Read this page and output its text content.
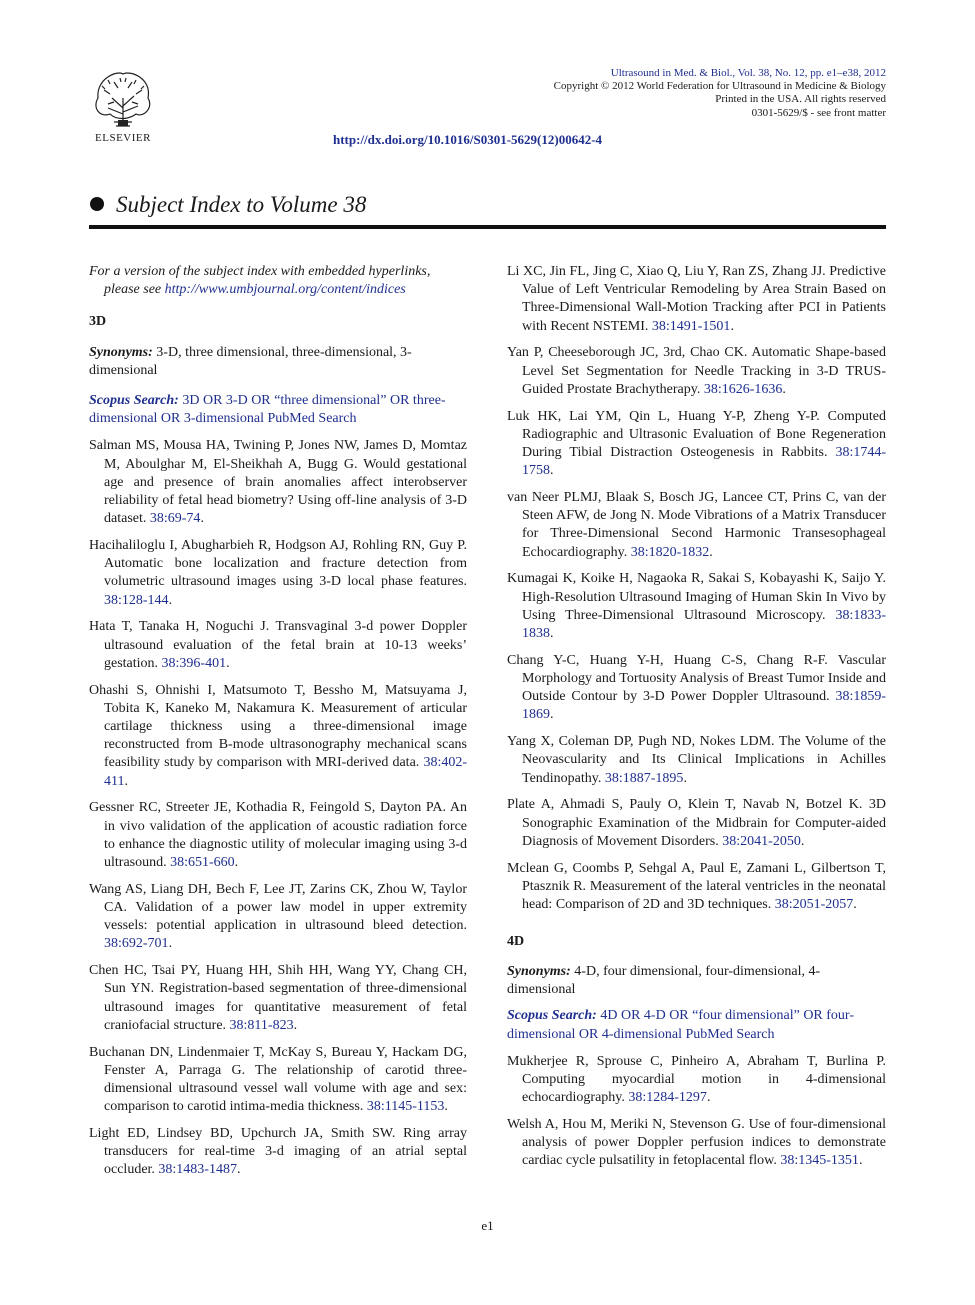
ELSEVIER
Ultrasound in Med. & Biol., Vol. 38, No. 12, pp. e1–e38, 2012
Copyright © 2012 World Federation for Ultrasound in Medicine & Biology
Printed in the USA. All rights reserved
0301-5629/$ - see front matter
http://dx.doi.org/10.1016/S0301-5629(12)00642-4
Subject Index to Volume 38

For a version of the subject index with embedded hyperlinks, please see http://www.umbjournal.org/content/indices

3D

Synonyms: 3-D, three dimensional, three-dimensional, 3-dimensional

Scopus Search: 3D OR 3-D OR “three dimensional” OR three-dimensional OR 3-dimensional PubMed Search

Salman MS, Mousa HA, Twining P, Jones NW, James D, Momtaz M, Aboulghar M, El-Sheikhah A, Bugg G. Would gestational age and presence of brain anomalies affect interobserver reliability of fetal head biometry? Using off-line analysis of 3-D dataset. 38:69-74.

Hacihaliloglu I, Abugharbieh R, Hodgson AJ, Rohling RN, Guy P. Automatic bone localization and fracture detection from volumetric ultrasound images using 3-D local phase features. 38:128-144.

Hata T, Tanaka H, Noguchi J. Transvaginal 3-d power Doppler ultrasound evaluation of the fetal brain at 10-13 weeks’ gestation. 38:396-401.

Ohashi S, Ohnishi I, Matsumoto T, Bessho M, Matsuyama J, Tobita K, Kaneko M, Nakamura K. Measurement of articular cartilage thickness using a three-dimensional image reconstructed from B-mode ultrasonography mechanical scans feasibility study by comparison with MRI-derived data. 38:402-411.

Gessner RC, Streeter JE, Kothadia R, Feingold S, Dayton PA. An in vivo validation of the application of acoustic radiation force to enhance the diagnostic utility of molecular imaging using 3-d ultrasound. 38:651-660.

Wang AS, Liang DH, Bech F, Lee JT, Zarins CK, Zhou W, Taylor CA. Validation of a power law model in upper extremity vessels: potential application in ultrasound bleed detection. 38:692-701.

Chen HC, Tsai PY, Huang HH, Shih HH, Wang YY, Chang CH, Sun YN. Registration-based segmentation of three-dimensional ultrasound images for quantitative measurement of fetal craniofacial structure. 38:811-823.

Buchanan DN, Lindenmaier T, McKay S, Bureau Y, Hackam DG, Fenster A, Parraga G. The relationship of carotid three-dimensional ultrasound vessel wall volume with age and sex: comparison to carotid intima-media thickness. 38:1145-1153.

Light ED, Lindsey BD, Upchurch JA, Smith SW. Ring array transducers for real-time 3-d imaging of an atrial septal occluder. 38:1483-1487.

Li XC, Jin FL, Jing C, Xiao Q, Liu Y, Ran ZS, Zhang JJ. Predictive Value of Left Ventricular Remodeling by Area Strain Based on Three-Dimensional Wall-Motion Tracking after PCI in Patients with Recent NSTEMI. 38:1491-1501.

Yan P, Cheeseborough JC, 3rd, Chao CK. Automatic Shape-based Level Set Segmentation for Needle Tracking in 3-D TRUS-Guided Prostate Brachytherapy. 38:1626-1636.

Luk HK, Lai YM, Qin L, Huang Y-P, Zheng Y-P. Computed Radiographic and Ultrasonic Evaluation of Bone Regeneration During Tibial Distraction Osteogenesis in Rabbits. 38:1744-1758.

van Neer PLMJ, Blaak S, Bosch JG, Lancee CT, Prins C, van der Steen AFW, de Jong N. Mode Vibrations of a Matrix Transducer for Three-Dimensional Second Harmonic Transesophageal Echocardiography. 38:1820-1832.

Kumagai K, Koike H, Nagaoka R, Sakai S, Kobayashi K, Saijo Y. High-Resolution Ultrasound Imaging of Human Skin In Vivo by Using Three-Dimensional Ultrasound Microscopy. 38:1833-1838.

Chang Y-C, Huang Y-H, Huang C-S, Chang R-F. Vascular Morphology and Tortuosity Analysis of Breast Tumor Inside and Outside Contour by 3-D Power Doppler Ultrasound. 38:1859-1869.

Yang X, Coleman DP, Pugh ND, Nokes LDM. The Volume of the Neovascularity and Its Clinical Implications in Achilles Tendinopathy. 38:1887-1895.

Plate A, Ahmadi S, Pauly O, Klein T, Navab N, Botzel K. 3D Sonographic Examination of the Midbrain for Computer-aided Diagnosis of Movement Disorders. 38:2041-2050.

Mclean G, Coombs P, Sehgal A, Paul E, Zamani L, Gilbertson T, Ptasznik R. Measurement of the lateral ventricles in the neonatal head: Comparison of 2D and 3D techniques. 38:2051-2057.

4D

Synonyms: 4-D, four dimensional, four-dimensional, 4-dimensional

Scopus Search: 4D OR 4-D OR “four dimensional” OR four-dimensional OR 4-dimensional PubMed Search

Mukherjee R, Sprouse C, Pinheiro A, Abraham T, Burlina P. Computing myocardial motion in 4-dimensional echocardiography. 38:1284-1297.

Welsh A, Hou M, Meriki N, Stevenson G. Use of four-dimensional analysis of power Doppler perfusion indices to demonstrate cardiac cycle pulsatility in fetoplacental flow. 38:1345-1351.

e1
